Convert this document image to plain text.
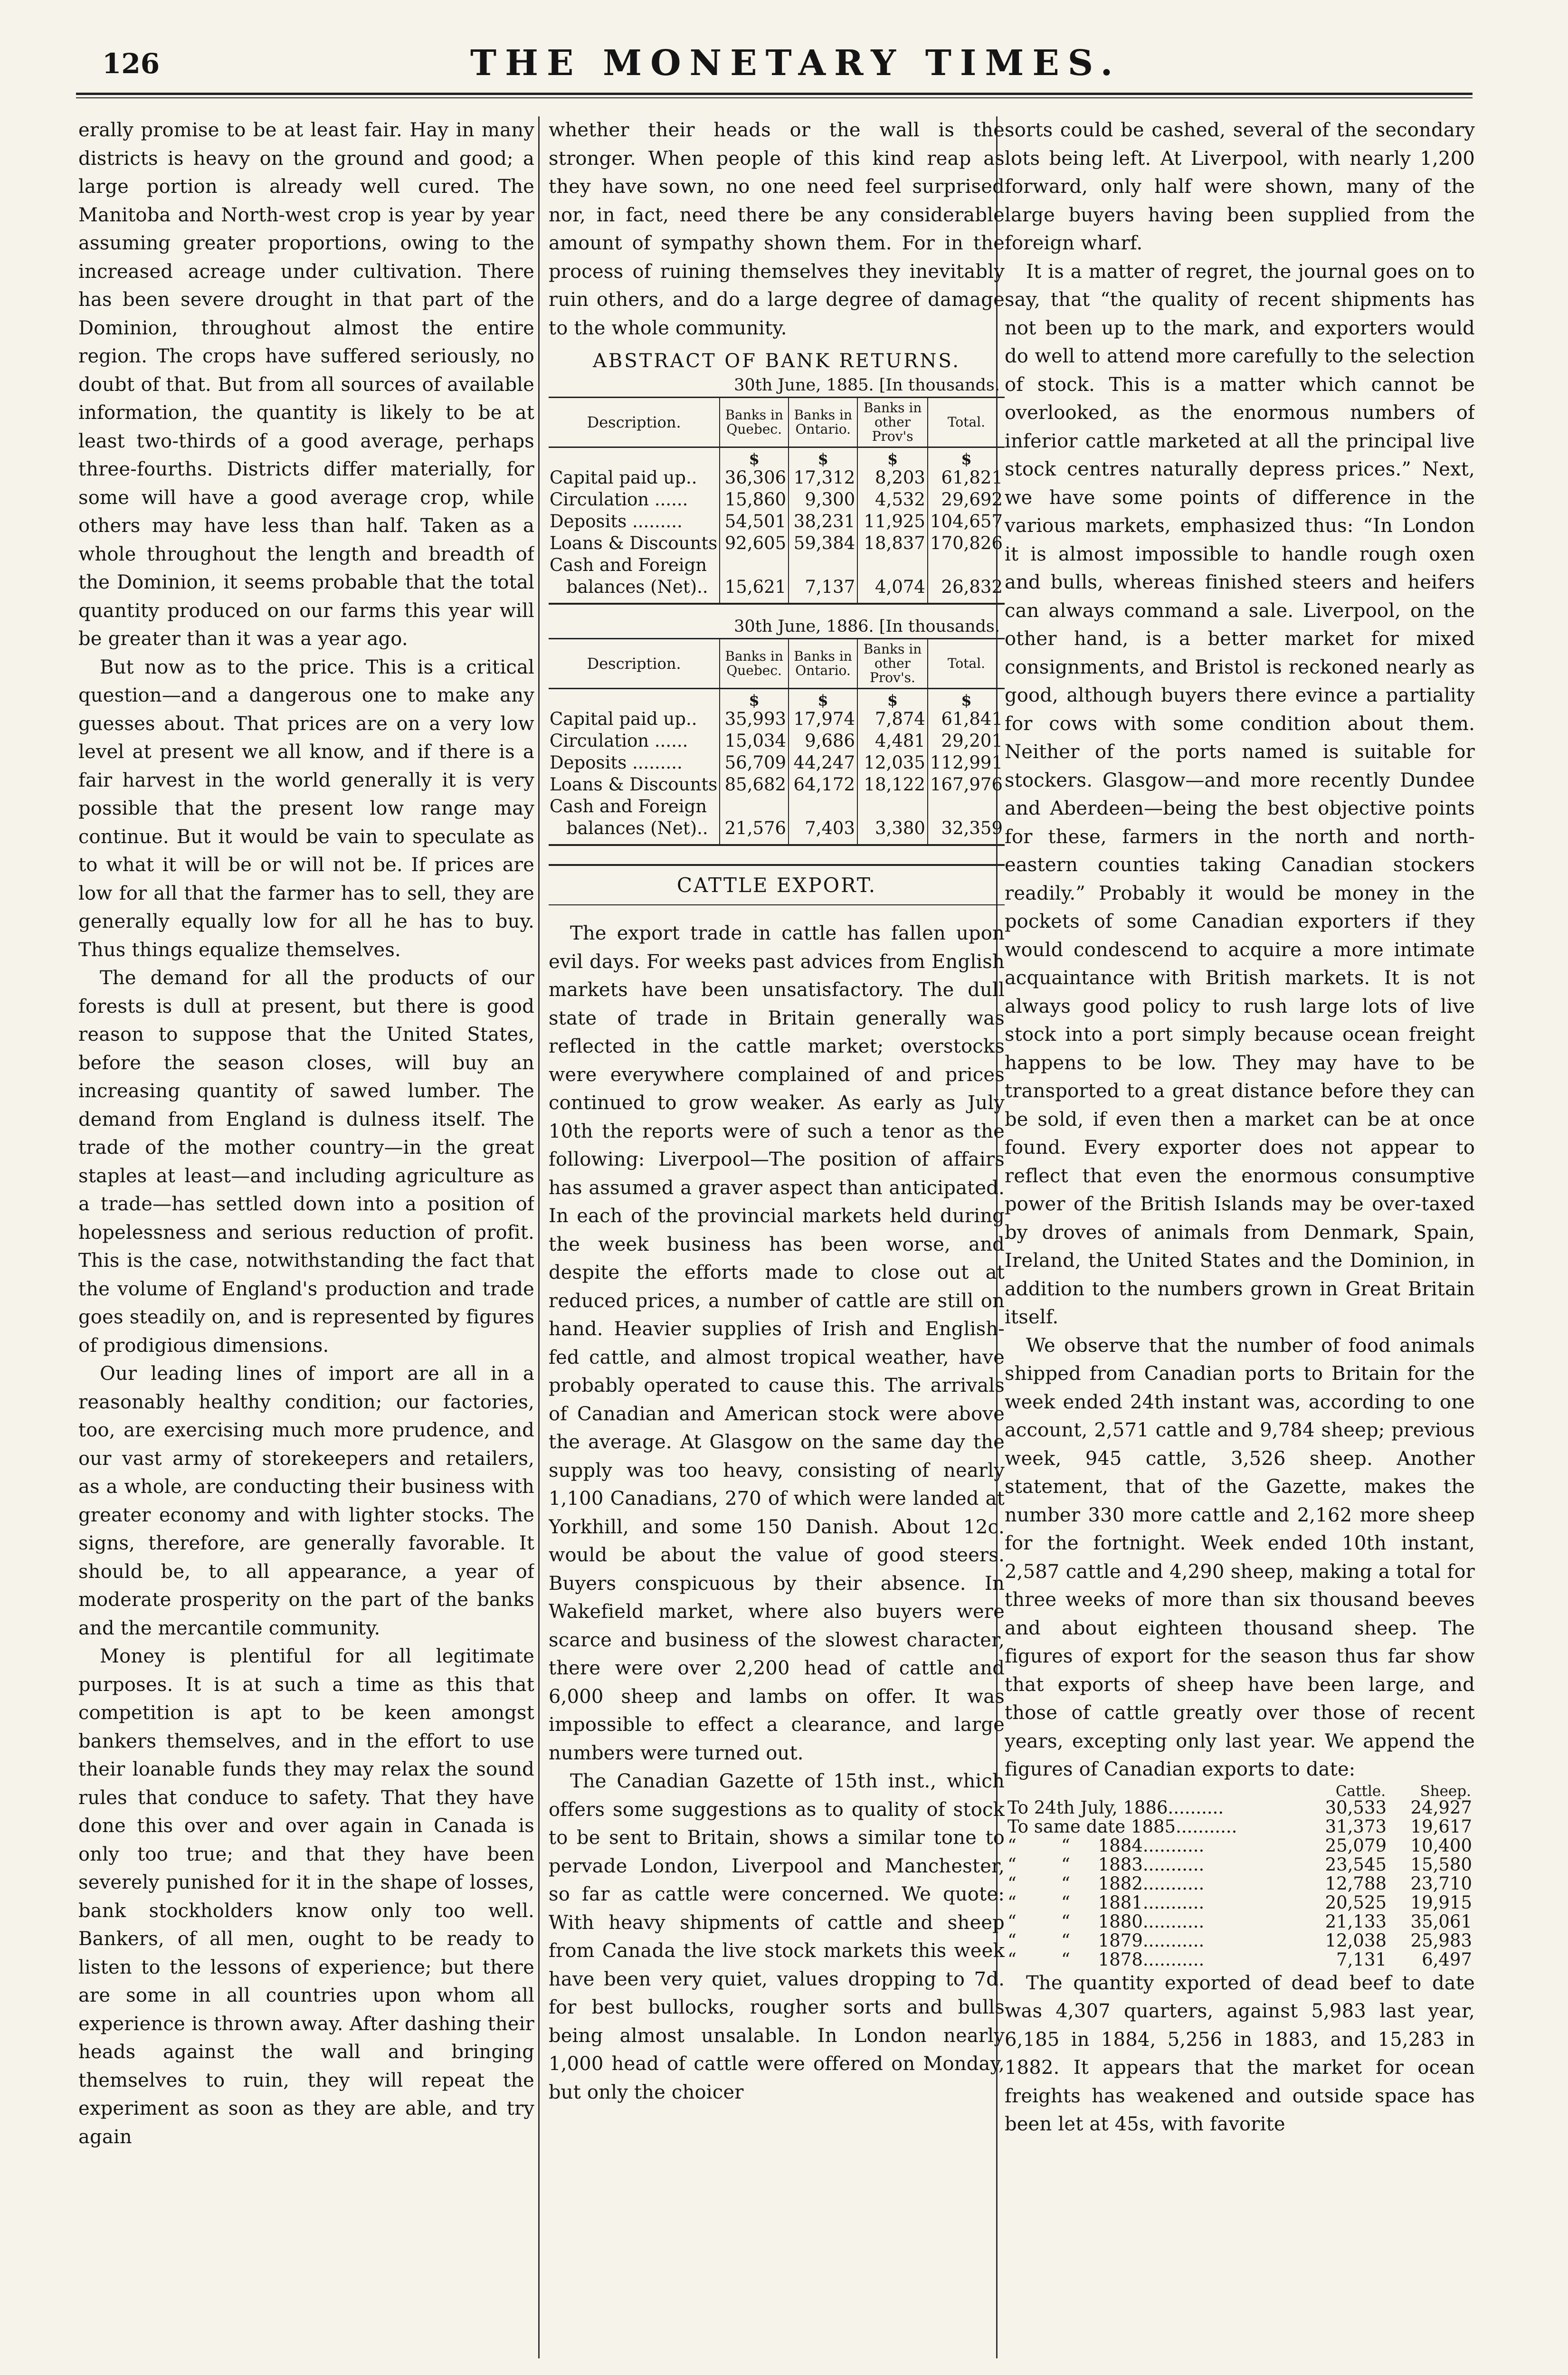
126	THE MONETARY TIMES.

erally promise to be at least fair. Hay in many districts is heavy on the ground and good; a large portion is already well cured. The Manitoba and North-west crop is year by year assuming greater proportions, owing to the increased acreage under cultivation. There has been severe drought in that part of the Dominion, throughout almost the entire region. The crops have suffered seriously, no doubt of that. But from all sources of available information, the quantity is likely to be at least two-thirds of a good average, perhaps three-fourths. Districts differ materially, for some will have a good average crop, while others may have less than half. Taken as a whole throughout the length and breadth of the Dominion, it seems probable that the total quantity produced on our farms this year will be greater than it was a year ago.

But now as to the price. This is a critical question—and a dangerous one to make any guesses about. That prices are on a very low level at present we all know, and if there is a fair harvest in the world generally it is very possible that the present low range may continue. But it would be vain to speculate as to what it will be or will not be. If prices are low for all that the farmer has to sell, they are generally equally low for all he has to buy. Thus things equalize themselves.

The demand for all the products of our forests is dull at present, but there is good reason to suppose that the United States, before the season closes, will buy an increasing quantity of sawed lumber. The demand from England is dulness itself. The trade of the mother country—in the great staples at least—and including agriculture as a trade—has settled down into a position of hopelessness and serious reduction of profit. This is the case, notwithstanding the fact that the volume of England's production and trade goes steadily on, and is represented by figures of prodigious dimensions.

Our leading lines of import are all in a reasonably healthy condition; our factories, too, are exercising much more prudence, and our vast army of storekeepers and retailers, as a whole, are conducting their business with greater economy and with lighter stocks. The signs, therefore, are generally favorable. It should be, to all appearance, a year of moderate prosperity on the part of the banks and the mercantile community.

Money is plentiful for all legitimate purposes. It is at such a time as this that competition is apt to be keen amongst bankers themselves, and in the effort to use their loanable funds they may relax the sound rules that conduce to safety. That they have done this over and over again in Canada is only too true; and that they have been severely punished for it in the shape of losses, bank stockholders know only too well. Bankers, of all men, ought to be ready to listen to the lessons of experience; but there are some in all countries upon whom all experience is thrown away. After dashing their heads against the wall and bringing themselves to ruin, they will repeat the experiment as soon as they are able, and try again

whether their heads or the wall is the stronger. When people of this kind reap as they have sown, no one need feel surprised nor, in fact, need there be any considerable amount of sympathy shown them. For in the process of ruining themselves they inevitably ruin others, and do a large degree of damage to the whole community.

ABSTRACT OF BANK RETURNS.
30th June, 1885. [In thousands.
Description.	Banks in Quebec.	Banks in Ontario.	Banks in other Prov's	Total.
	$	$	$	$
Capital paid up..	36,306	17,312	8,203	61,821
Circulation ......	15,860	9,300	4,532	29,692
Deposits .........	54,501	38,231	11,925	104,657
Loans & Discounts	92,605	59,384	18,837	170,826
Cash and Foreign				
balances (Net)..	15,621	7,137	4,074	26,832
30th June, 1886. [In thousands.
Description.	Banks in Quebec.	Banks in Ontario.	Banks in other Prov's.	Total.
	$	$	$	$
Capital paid up..	35,993	17,974	7,874	61,841
Circulation ......	15,034	9,686	4,481	29,201
Deposits .........	56,709	44,247	12,035	112,991
Loans & Discounts	85,682	64,172	18,122	167,976
Cash and Foreign				
balances (Net)..	21,576	7,403	3,380	32,359
CATTLE EXPORT.

The export trade in cattle has fallen upon evil days. For weeks past advices from English markets have been unsatisfactory. The dull state of trade in Britain generally was reflected in the cattle market; overstocks were everywhere complained of and prices continued to grow weaker. As early as July 10th the reports were of such a tenor as the following: Liverpool—The position of affairs has assumed a graver aspect than anticipated. In each of the provincial markets held during the week business has been worse, and despite the efforts made to close out at reduced prices, a number of cattle are still on hand. Heavier supplies of Irish and English-fed cattle, and almost tropical weather, have probably operated to cause this. The arrivals of Canadian and American stock were above the average. At Glasgow on the same day the supply was too heavy, consisting of nearly 1,100 Canadians, 270 of which were landed at Yorkhill, and some 150 Danish. About 12c. would be about the value of good steers. Buyers conspicuous by their absence. In Wakefield market, where also buyers were scarce and business of the slowest character, there were over 2,200 head of cattle and 6,000 sheep and lambs on offer. It was impossible to effect a clearance, and large numbers were turned out.

The Canadian Gazette of 15th inst., which offers some suggestions as to quality of stock to be sent to Britain, shows a similar tone to pervade London, Liverpool and Manchester, so far as cattle were concerned. We quote: With heavy shipments of cattle and sheep from Canada the live stock markets this week have been very quiet, values dropping to 7d. for best bullocks, rougher sorts and bulls being almost unsalable. In London nearly 1,000 head of cattle were offered on Monday, but only the choicer

sorts could be cashed, several of the secondary lots being left. At Liverpool, with nearly 1,200 forward, only half were shown, many of the large buyers having been supplied from the foreign wharf.

It is a matter of regret, the journal goes on to say, that “the quality of recent shipments has not been up to the mark, and exporters would do well to attend more carefully to the selection of stock. This is a matter which cannot be overlooked, as the enormous numbers of inferior cattle marketed at all the principal live stock centres naturally depress prices.” Next, we have some points of difference in the various markets, emphasized thus: “In London it is almost impossible to handle rough oxen and bulls, whereas finished steers and heifers can always command a sale. Liverpool, on the other hand, is a better market for mixed consignments, and Bristol is reckoned nearly as good, although buyers there evince a partiality for cows with some condition about them. Neither of the ports named is suitable for stockers. Glasgow—and more recently Dundee and Aberdeen—being the best objective points for these, farmers in the north and north-eastern counties taking Canadian stockers readily.” Probably it would be money in the pockets of some Canadian exporters if they would condescend to acquire a more intimate acquaintance with British markets. It is not always good policy to rush large lots of live stock into a port simply because ocean freight happens to be low. They may have to be transported to a great distance before they can be sold, if even then a market can be at once found. Every exporter does not appear to reflect that even the enormous consumptive power of the British Islands may be over-taxed by droves of animals from Denmark, Spain, Ireland, the United States and the Dominion, in addition to the numbers grown in Great Britain itself.

We observe that the number of food animals shipped from Canadian ports to Britain for the week ended 24th instant was, according to one account, 2,571 cattle and 9,784 sheep; previous week, 945 cattle, 3,526 sheep. Another statement, that of the Gazette, makes the number 330 more cattle and 2,162 more sheep for the fortnight. Week ended 10th instant, 2,587 cattle and 4,290 sheep, making a total for three weeks of more than six thousand beeves and about eighteen thousand sheep. The figures of export for the season thus far show that exports of sheep have been large, and those of cattle greatly over those of recent years, excepting only last year. We append the figures of Canadian exports to date:

	Cattle.	Sheep.
To 24th July, 1886..........	30,533	24,927
To same date 1885...........	31,373	19,617
“        “     1884...........	25,079	10,400
“        “     1883...........	23,545	15,580
“        “     1882...........	12,788	23,710
“        “     1881...........	20,525	19,915
“        “     1880...........	21,133	35,061
“        “     1879...........	12,038	25,983
“        “     1878...........	7,131	6,497

The quantity exported of dead beef to date was 4,307 quarters, against 5,983 last year, 6,185 in 1884, 5,256 in 1883, and 15,283 in 1882. It appears that the market for ocean freights has weakened and outside space has been let at 45s, with favorite
